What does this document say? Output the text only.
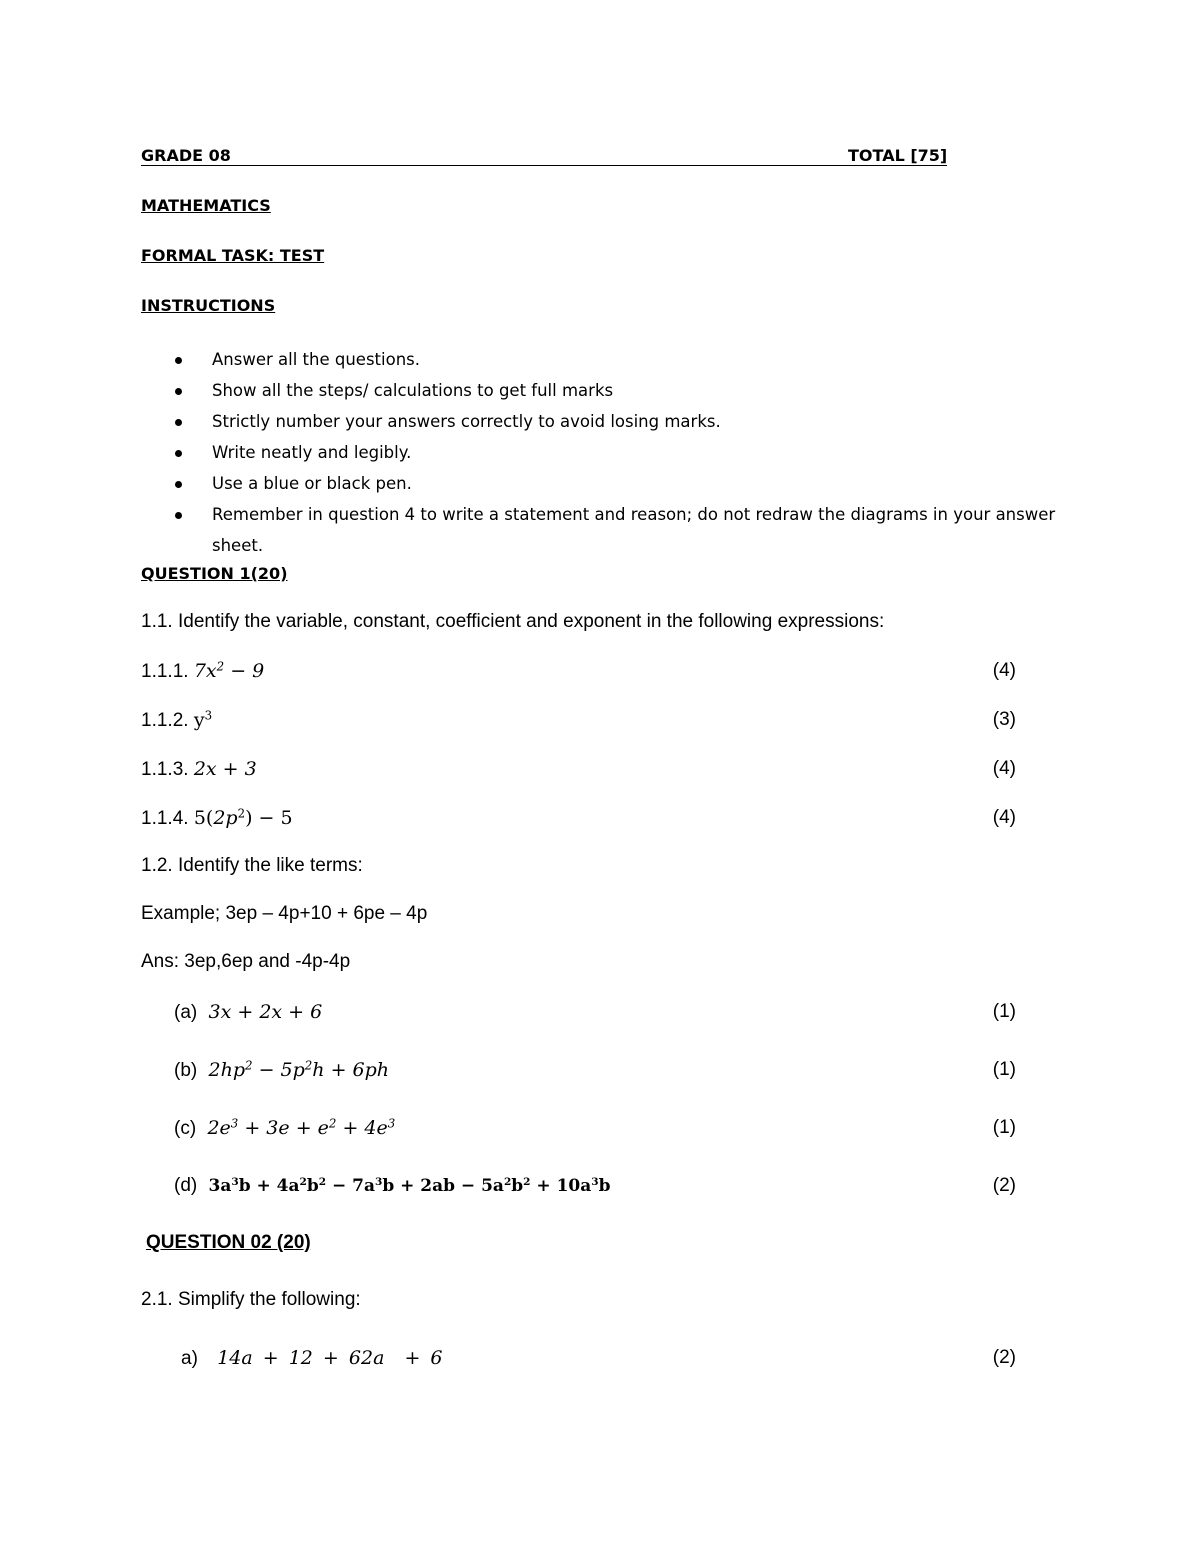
GRADE 08	TOTAL [75]
MATHEMATICS
FORMAL TASK: TEST
INSTRUCTIONS
Answer all the questions.
Show all the steps/ calculations to get full marks
Strictly number your answers correctly to avoid losing marks.
Write neatly and legibly.
Use a blue or black pen.
Remember in question 4 to write a statement and reason; do not redraw the diagrams in your answer sheet.
QUESTION 1(20)
1.1. Identify the variable, constant, coefficient and exponent in the following expressions:
1.1.1. $7x^2 - 9$	(4)
1.1.2. $y^3$	(3)
1.1.3. 2x + 3	(4)
1.1.4. $5(2p^2) - 5$	(4)
1.2. Identify the like terms:
Example; 3ep – 4p+10 + 6pe – 4p
Ans: 3ep,6ep and -4p-4p
(a) 3x + 2x + 6	(1)
(b) $2hp^2 - 5p^2h + 6ph$	(1)
(c) $2e^3 + 3e + e^2 + 4e^3$	(1)
(d) $3a^3b + 4a^2b^2 - 7a^3b + 2ab - 5a^2b^2 + 10a^3b$	(2)
QUESTION 02 (20)
2.1. Simplify the following:
a) 14a + 12 + 62a  + 6	(2)
